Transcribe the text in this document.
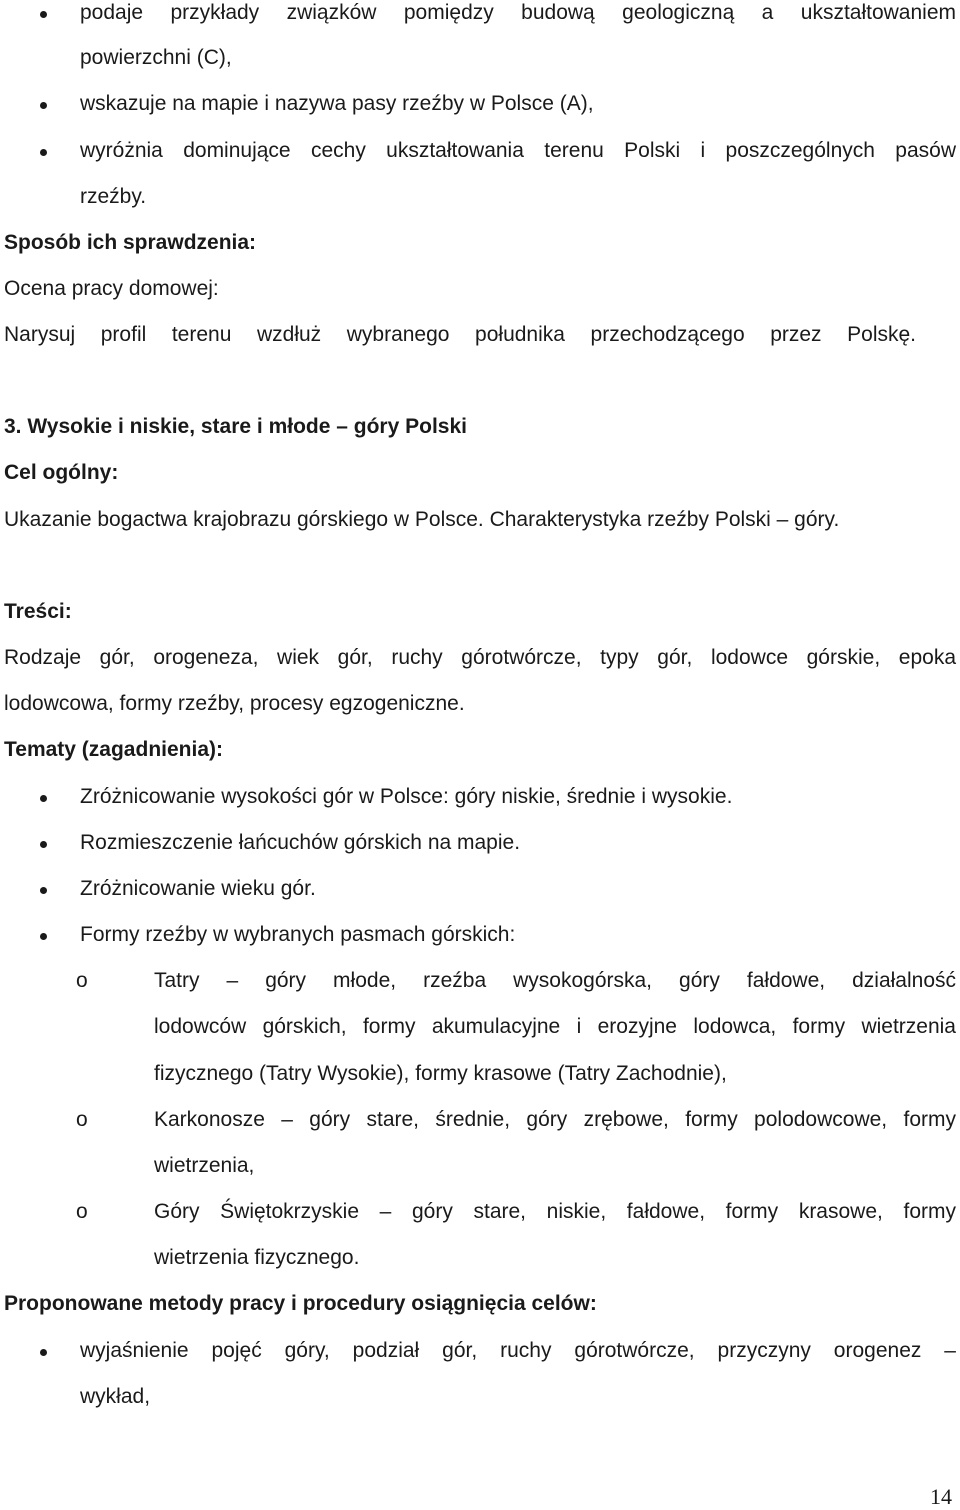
podaje przykłady związków pomiędzy budową geologiczną a ukształtowaniem
powierzchni (C),
wskazuje na mapie i nazywa pasy rzeźby w Polsce (A),
wyróżnia dominujące cechy ukształtowania terenu Polski i poszczególnych pasów
rzeźby.
Sposób ich sprawdzenia:
Ocena pracy domowej:
Narysuj profil terenu wzdłuż wybranego południka przechodzącego przez Polskę.
3. Wysokie i niskie, stare i młode – góry Polski
Cel ogólny:
Ukazanie bogactwa krajobrazu górskiego w Polsce. Charakterystyka rzeźby Polski – góry.
Treści:
Rodzaje gór, orogeneza, wiek gór, ruchy górotwórcze, typy gór, lodowce górskie, epoka
lodowcowa, formy rzeźby, procesy egzogeniczne.
Tematy (zagadnienia):
Zróżnicowanie wysokości gór w Polsce: góry niskie, średnie i wysokie.
Rozmieszczenie łańcuchów górskich na mapie.
Zróżnicowanie wieku gór.
Formy rzeźby w wybranych pasmach górskich:
o	Tatry – góry młode, rzeźba wysokogórska, góry fałdowe, działalność
lodowców górskich, formy akumulacyjne i erozyjne lodowca, formy wietrzenia
fizycznego (Tatry Wysokie), formy krasowe (Tatry Zachodnie),
o	Karkonosze – góry stare, średnie, góry zrębowe, formy polodowcowe, formy
wietrzenia,
o	Góry Świętokrzyskie – góry stare, niskie, fałdowe, formy krasowe, formy
wietrzenia fizycznego.
Proponowane metody pracy i procedury osiągnięcia celów:
wyjaśnienie pojęć góry, podział gór, ruchy górotwórcze, przyczyny orogenez –
wykład,
14
